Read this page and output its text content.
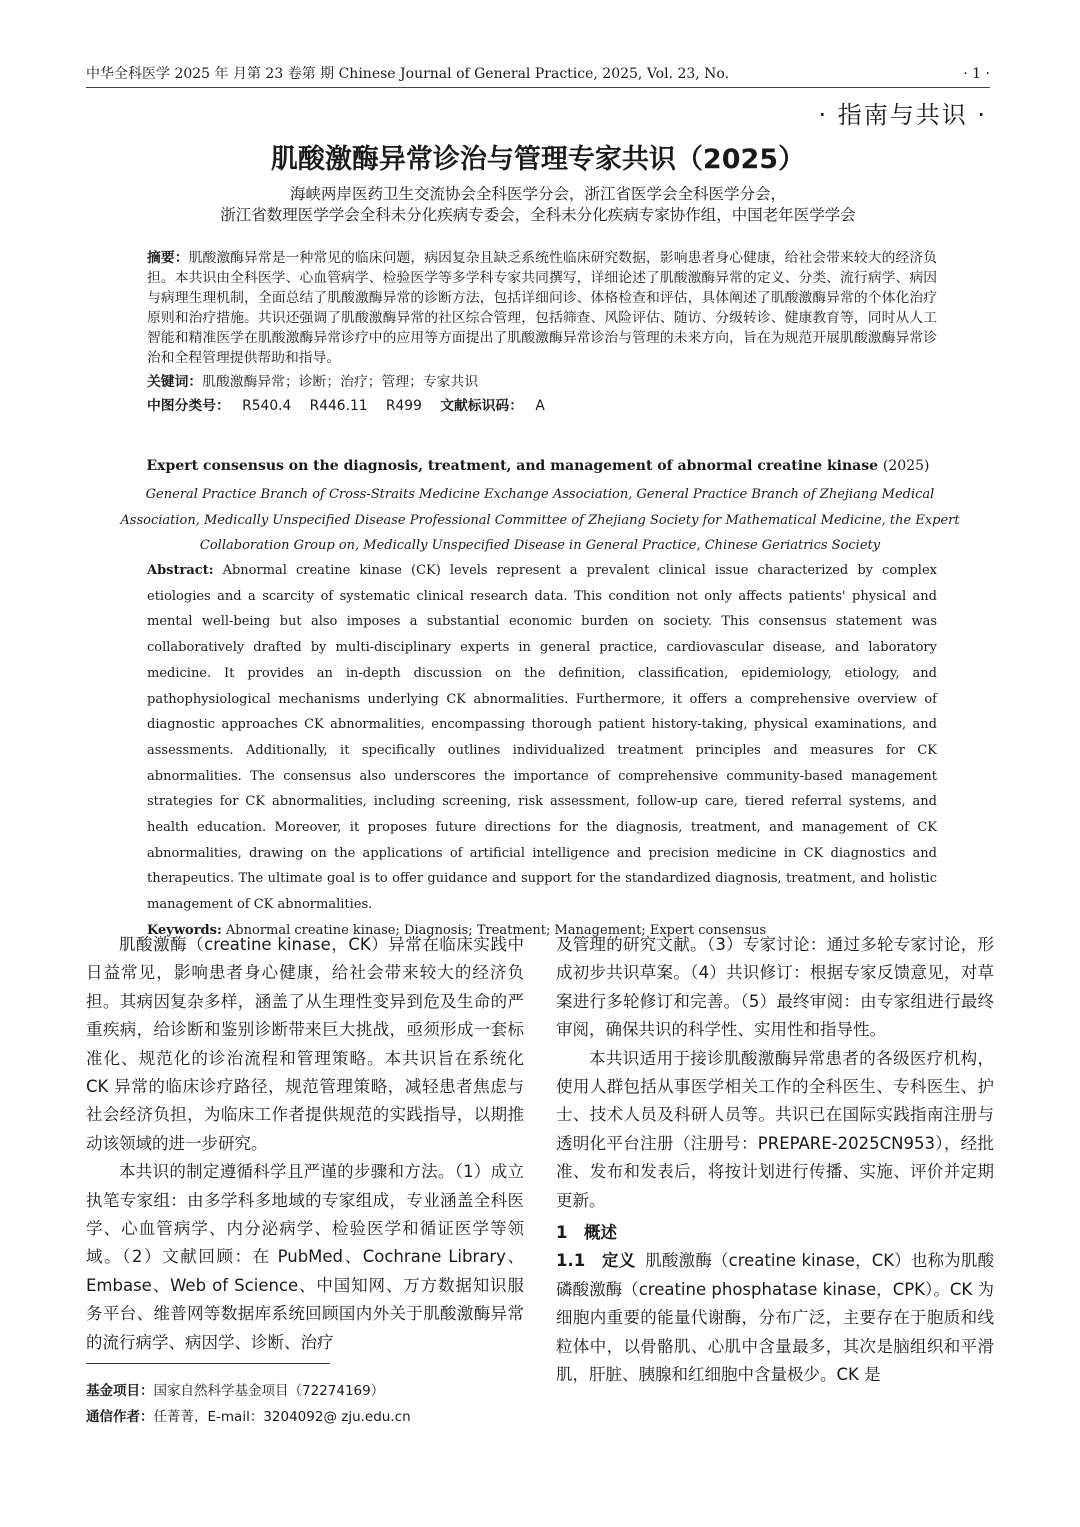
中华全科医学 2025 年 月第 23 卷第 期 Chinese Journal of General Practice, 2025, Vol. 23, No.	· 1 ·
· 指南与共识 ·
肌酸激酶异常诊治与管理专家共识（2025）
海峡两岸医药卫生交流协会全科医学分会，浙江省医学会全科医学分会，
浙江省数理医学学会全科未分化疾病专委会，全科未分化疾病专家协作组，中国老年医学学会

摘要：肌酸激酶异常是一种常见的临床问题，病因复杂且缺乏系统性临床研究数据，影响患者身心健康，给社会带来较大的经济负担。本共识由全科医学、心血管病学、检验医学等多学科专家共同撰写，详细论述了肌酸激酶异常的定义、分类、流行病学、病因与病理生理机制，全面总结了肌酸激酶异常的诊断方法，包括详细问诊、体格检查和评估，具体阐述了肌酸激酶异常的个体化治疗原则和治疗措施。共识还强调了肌酸激酶异常的社区综合管理，包括筛查、风险评估、随访、分级转诊、健康教育等，同时从人工智能和精准医学在肌酸激酶异常诊疗中的应用等方面提出了肌酸激酶异常诊治与管理的未来方向，旨在为规范开展肌酸激酶异常诊治和全程管理提供帮助和指导。

关键词：肌酸激酶异常；诊断；治疗；管理；专家共识

中图分类号： R540.4 R446.11 R499 文献标识码： A

Expert consensus on the diagnosis, treatment, and management of abnormal creatine kinase (2025)
General Practice Branch of Cross-Straits Medicine Exchange Association, General Practice Branch of Zhejiang Medical Association, Medically Unspecified Disease Professional Committee of Zhejiang Society for Mathematical Medicine, the Expert Collaboration Group on, Medically Unspecified Disease in General Practice, Chinese Geriatrics Society

Abstract: Abnormal creatine kinase (CK) levels represent a prevalent clinical issue characterized by complex etiologies and a scarcity of systematic clinical research data. This condition not only affects patients' physical and mental well-being but also imposes a substantial economic burden on society. This consensus statement was collaboratively drafted by multi-disciplinary experts in general practice, cardiovascular disease, and laboratory medicine. It provides an in-depth discussion on the definition, classification, epidemiology, etiology, and pathophysiological mechanisms underlying CK abnormalities. Furthermore, it offers a comprehensive overview of diagnostic approaches CK abnormalities, encompassing thorough patient history-taking, physical examinations, and assessments. Additionally, it specifically outlines individualized treatment principles and measures for CK abnormalities. The consensus also underscores the importance of comprehensive community-based management strategies for CK abnormalities, including screening, risk assessment, follow-up care, tiered referral systems, and health education. Moreover, it proposes future directions for the diagnosis, treatment, and management of CK abnormalities, drawing on the applications of artificial intelligence and precision medicine in CK diagnostics and therapeutics. The ultimate goal is to offer guidance and support for the standardized diagnosis, treatment, and holistic management of CK abnormalities.

Keywords: Abnormal creatine kinase; Diagnosis; Treatment; Management; Expert consensus

肌酸激酶（creatine kinase，CK）异常在临床实践中日益常见，影响患者身心健康，给社会带来较大的经济负担。其病因复杂多样，涵盖了从生理性变异到危及生命的严重疾病，给诊断和鉴别诊断带来巨大挑战，亟须形成一套标准化、规范化的诊治流程和管理策略。本共识旨在系统化 CK 异常的临床诊疗路径，规范管理策略，减轻患者焦虑与社会经济负担，为临床工作者提供规范的实践指导，以期推动该领域的进一步研究。

本共识的制定遵循科学且严谨的步骤和方法。（1）成立执笔专家组：由多学科多地域的专家组成，专业涵盖全科医学、心血管病学、内分泌病学、检验医学和循证医学等领域。（2）文献回顾：在 PubMed、Cochrane Library、Embase、Web of Science、中国知网、万方数据知识服务平台、维普网等数据库系统回顾国内外关于肌酸激酶异常的流行病学、病因学、诊断、治疗

及管理的研究文献。（3）专家讨论：通过多轮专家讨论，形成初步共识草案。（4）共识修订：根据专家反馈意见，对草案进行多轮修订和完善。（5）最终审阅：由专家组进行最终审阅，确保共识的科学性、实用性和指导性。

本共识适用于接诊肌酸激酶异常患者的各级医疗机构，使用人群包括从事医学相关工作的全科医生、专科医生、护士、技术人员及科研人员等。共识已在国际实践指南注册与透明化平台注册（注册号：PREPARE-2025CN953），经批准、发布和发表后，将按计划进行传播、实施、评价并定期更新。

1　概述

1.1　定义 肌酸激酶（creatine kinase，CK）也称为肌酸磷酸激酶（creatine phosphatase kinase，CPK）。CK 为细胞内重要的能量代谢酶，分布广泛，主要存在于胞质和线粒体中，以骨骼肌、心肌中含量最多，其次是脑组织和平滑肌，肝脏、胰腺和红细胞中含量极少。CK 是

基金项目：国家自然科学基金项目（72274169）

通信作者：任菁菁，E-mail：3204092@ zju.edu.cn
